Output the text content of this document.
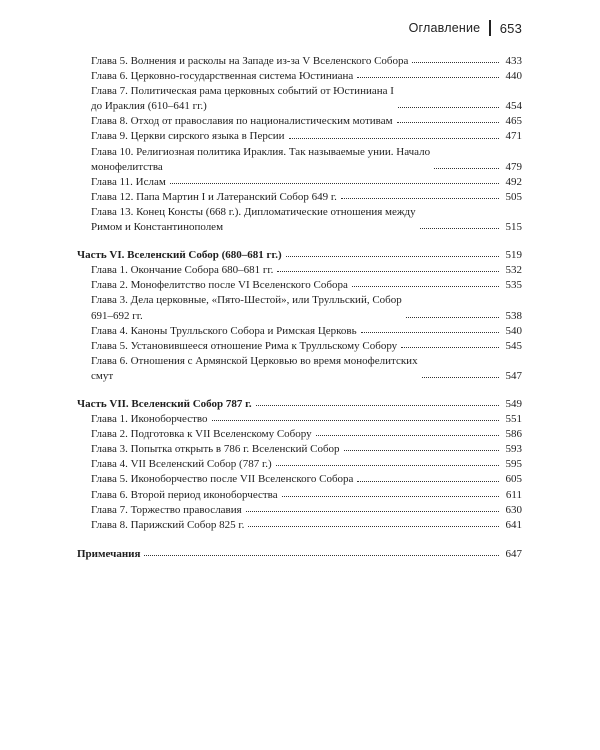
Оглавление 653
Глава 5. Волнения и расколы на Западе из-за V Вселенского Собора	433
Глава 6. Церковно-государственная система Юстиниана	440
Глава 7. Политическая рама церковных событий от Юстиниана I
до Ираклия (610–641 гг.)	454
Глава 8. Отход от православия по националистическим мотивам	465
Глава 9. Церкви сирского языка в Персии	471
Глава 10. Религиозная политика Ираклия. Так называемые унии. Начало
монофелитства	479
Глава 11. Ислам	492
Глава 12. Папа Мартин I и Латеранский Собор 649 г.	505
Глава 13. Конец Консты (668 г.). Дипломатические отношения между
Римом и Константинополем	515
Часть VI. Вселенский Собор (680–681 гг.)	519
Глава 1. Окончание Собора 680–681 гг.	532
Глава 2. Монофелитство после VI Вселенского Собора	535
Глава 3. Дела церковные, «Пято-Шестой», или Трулльский, Собор
691–692 гг.	538
Глава 4. Каноны Трулльского Собора и Римская Церковь	540
Глава 5. Установившееся отношение Рима к Трулльскому Собору	545
Глава 6. Отношения с Армянской Церковью во время монофелитских
смут	547
Часть VII. Вселенский Собор 787 г.	549
Глава 1. Иконоборчество	551
Глава 2. Подготовка к VII Вселенскому Собору	586
Глава 3. Попытка открыть в 786 г. Вселенский Собор	593
Глава 4. VII Вселенский Собор (787 г.)	595
Глава 5. Иконоборчество после VII Вселенского Собора	605
Глава 6. Второй период иконоборчества	611
Глава 7. Торжество православия	630
Глава 8. Парижский Собор 825 г.	641
Примечания	647
